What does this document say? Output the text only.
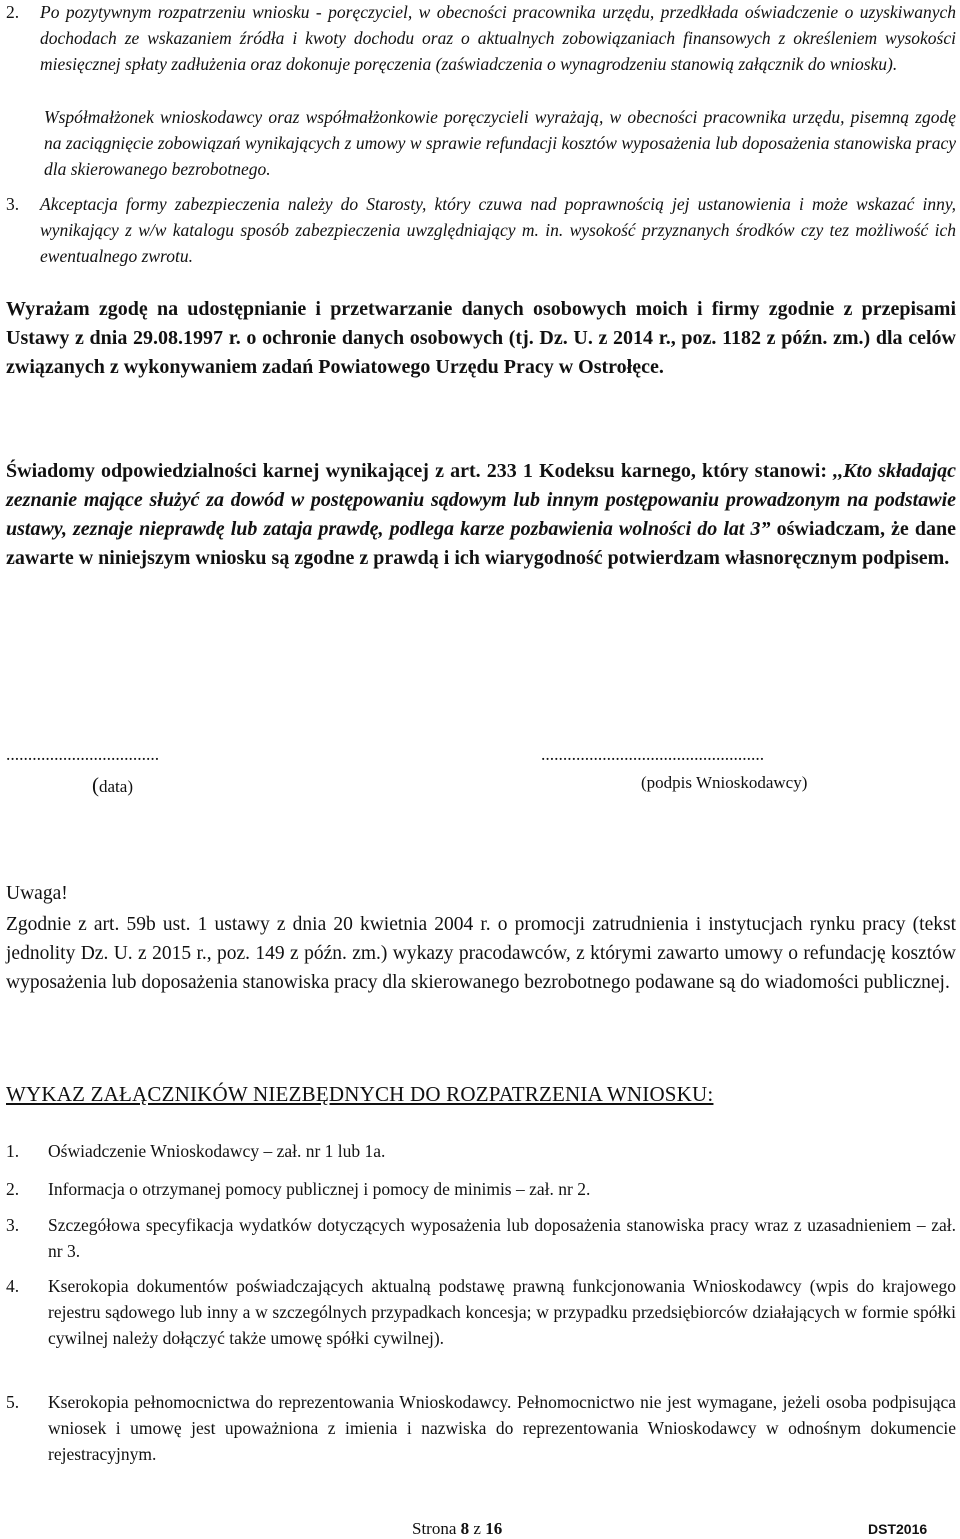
2. Po pozytywnym rozpatrzeniu wniosku - poręczyciel, w obecności pracownika urzędu, przedkłada oświadczenie o uzyskiwanych dochodach ze wskazaniem źródła i kwoty dochodu oraz o aktualnych zobowiązaniach finansowych z określeniem wysokości miesięcznej spłaty zadłużenia oraz dokonuje poręczenia (zaświadczenia o wynagrodzeniu stanowią załącznik do wniosku).
Współmałżonek wnioskodawcy oraz współmałżonkowie poręczycieli wyrażają, w obecności pracownika urzędu, pisemną zgodę na zaciągnięcie zobowiązań wynikających z umowy w sprawie refundacji kosztów wyposażenia lub doposażenia stanowiska pracy dla skierowanego bezrobotnego.
3. Akceptacja formy zabezpieczenia należy do Starosty, który czuwa nad poprawnością jej ustanowienia i może wskazać inny, wynikający z w/w katalogu sposób zabezpieczenia uwzględniający m. in. wysokość przyznanych środków czy tez możliwość ich ewentualnego zwrotu.
Wyrażam zgodę na udostępnianie i przetwarzanie danych osobowych moich i firmy zgodnie z przepisami Ustawy z dnia 29.08.1997 r. o ochronie danych osobowych (tj. Dz. U. z 2014 r., poz. 1182 z późn. zm.) dla celów związanych z wykonywaniem zadań Powiatowego Urzędu Pracy w Ostrołęce.
Świadomy odpowiedzialności karnej wynikającej z art. 233 1 Kodeksu karnego, który stanowi: ,,Kto składając zeznanie mające służyć za dowód w postępowaniu sądowym lub innym postępowaniu prowadzonym na podstawie ustawy, zeznaje nieprawdę lub zataja prawdę, podlega karze pozbawienia wolności do lat 3” oświadczam, że dane zawarte w niniejszym wniosku są zgodne z prawdą i ich wiarygodność potwierdzam własnoręcznym podpisem.
...................................	...................................................
(data)	(podpis Wnioskodawcy)
Uwaga!
Zgodnie z art. 59b ust. 1 ustawy z dnia 20 kwietnia 2004 r. o promocji zatrudnienia i instytucjach rynku pracy (tekst jednolity Dz. U. z 2015 r., poz. 149 z późn. zm.) wykazy pracodawców, z którymi zawarto umowy o refundację kosztów wyposażenia lub doposażenia stanowiska pracy dla skierowanego bezrobotnego podawane są do wiadomości publicznej.
WYKAZ ZAŁĄCZNIKÓW NIEZBĘDNYCH DO ROZPATRZENIA WNIOSKU:
1. Oświadczenie Wnioskodawcy – zał. nr 1 lub 1a.
2. Informacja o otrzymanej pomocy publicznej i pomocy de minimis – zał. nr 2.
3. Szczegółowa specyfikacja wydatków dotyczących wyposażenia lub doposażenia stanowiska pracy wraz z uzasadnieniem – zał. nr 3.
4. Kserokopia dokumentów poświadczających aktualną podstawę prawną funkcjonowania Wnioskodawcy (wpis do krajowego rejestru sądowego lub inny a w szczególnych przypadkach koncesja; w przypadku przedsiębiorców działających w formie spółki cywilnej należy dołączyć także umowę spółki cywilnej).
5. Kserokopia pełnomocnictwa do reprezentowania Wnioskodawcy. Pełnomocnictwo nie jest wymagane, jeżeli osoba podpisująca wniosek i umowę jest upoważniona z imienia i nazwiska do reprezentowania Wnioskodawcy w odnośnym dokumencie rejestracyjnym.
Strona 8 z 16	DST2016
